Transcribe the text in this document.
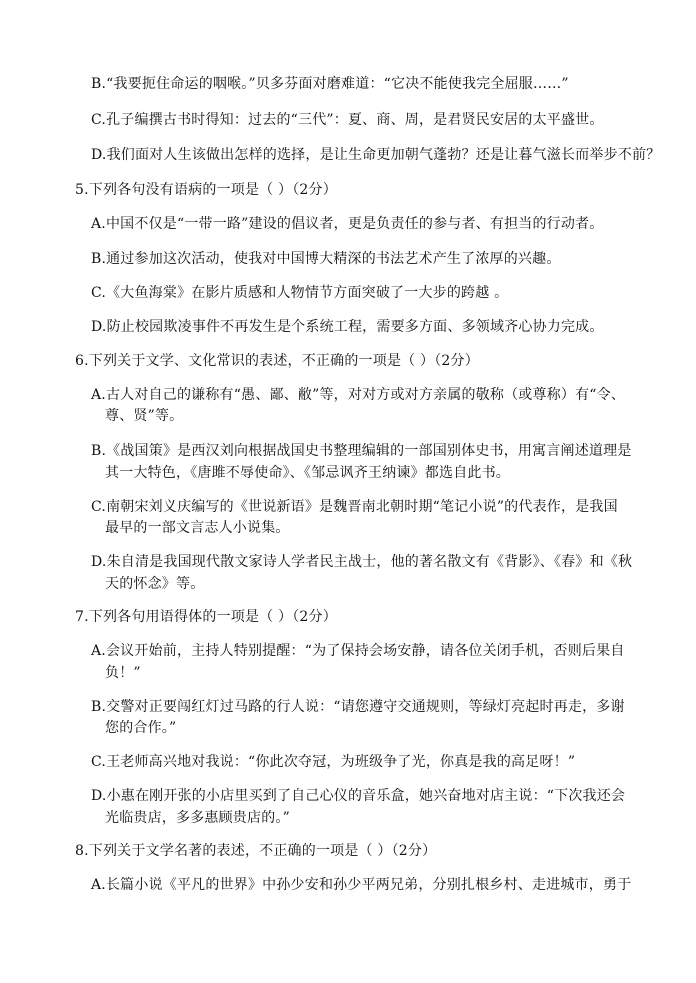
B.“我要扼住命运的咽喉。”贝多芬面对磨难道：“它决不能使我完全屈服……”
C.孔子编撰古书时得知：过去的“三代”：夏、商、周，是君贤民安居的太平盛世。
D.我们面对人生该做出怎样的选择，是让生命更加朝气蓬勃？还是让暮气滋长而举步不前？
5.下列各句没有语病的一项是（ ）（2分）
A.中国不仅是“一带一路”建设的倡议者，更是负责任的参与者、有担当的行动者。
B.通过参加这次活动，使我对中国博大精深的书法艺术产生了浓厚的兴趣。
C.《大鱼海棠》在影片质感和人物情节方面突破了一大步的跨越 。
D.防止校园欺凌事件不再发生是个系统工程，需要多方面、多领域齐心协力完成。
6.下列关于文学、文化常识的表述，不正确的一项是（ ）（2分）
A.古人对自己的谦称有“愚、鄙、敝”等，对对方或对方亲属的敬称（或尊称）有“令、
尊、贤”等。
B.《战国策》是西汉刘向根据战国史书整理编辑的一部国别体史书，用寓言阐述道理是
其一大特色，《唐雎不辱使命》、《邹忌讽齐王纳谏》都选自此书。
C.南朝宋刘义庆编写的《世说新语》是魏晋南北朝时期“笔记小说”的代表作，是我国
最早的一部文言志人小说集。
D.朱自清是我国现代散文家诗人学者民主战士，他的著名散文有《背影》、《春》和《秋
天的怀念》等。
7.下列各句用语得体的一项是（ ）（2分）
A.会议开始前，主持人特别提醒：“为了保持会场安静，请各位关闭手机，否则后果自
负！”
B.交警对正要闯红灯过马路的行人说：“请您遵守交通规则，等绿灯亮起时再走，多谢
您的合作。”
C.王老师高兴地对我说：“你此次夺冠，为班级争了光，你真是我的高足呀！”
D.小惠在刚开张的小店里买到了自己心仪的音乐盒，她兴奋地对店主说：“下次我还会
光临贵店，多多惠顾贵店的。”
8.下列关于文学名著的表述，不正确的一项是（ ）（2分）
A.长篇小说《平凡的世界》中孙少安和孙少平两兄弟，分别扎根乡村、走进城市，勇于
